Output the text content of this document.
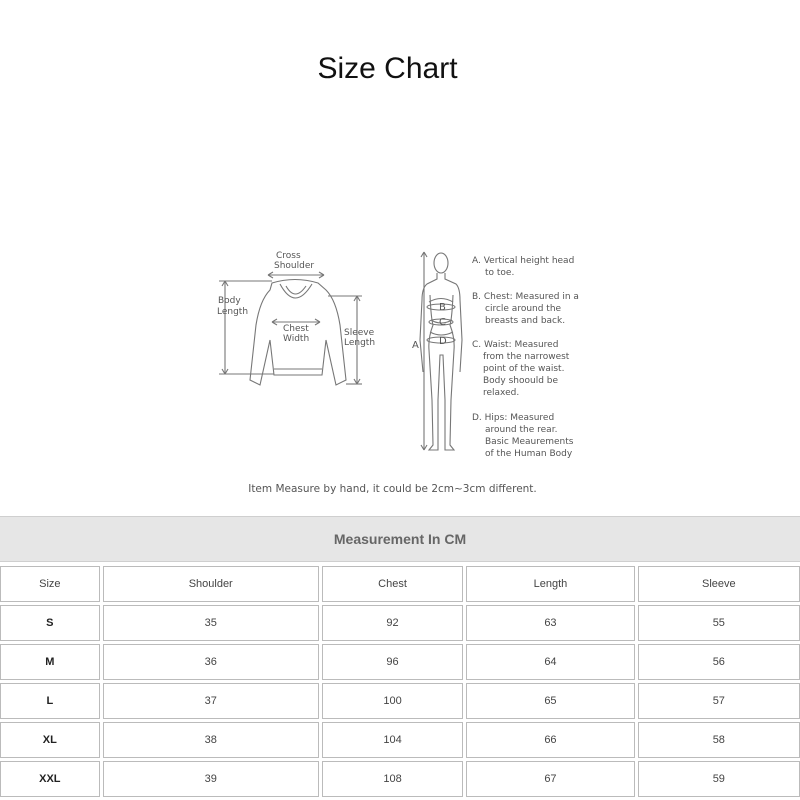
Size Chart
Cross
Shoulder
Body
Length
Chest
Width
Sleeve
Length	A
B
C
D
A. Vertical height head
to toe.
B. Chest: Measured in a
circle around the
breasts and back.
C. Waist: Measured
from the narrowest
point of the waist.
Body shoould be
relaxed.
D. Hips: Measured
around the rear.
Basic Meaurements
of the Human Body
Item Measure by hand, it could be 2cm~3cm different.
Measurement In CM
Size	Shoulder	Chest	Length	Sleeve
S	35	92	63	55
M	36	96	64	56
L	37	100	65	57
XL	38	104	66	58
XXL	39	108	67	59
